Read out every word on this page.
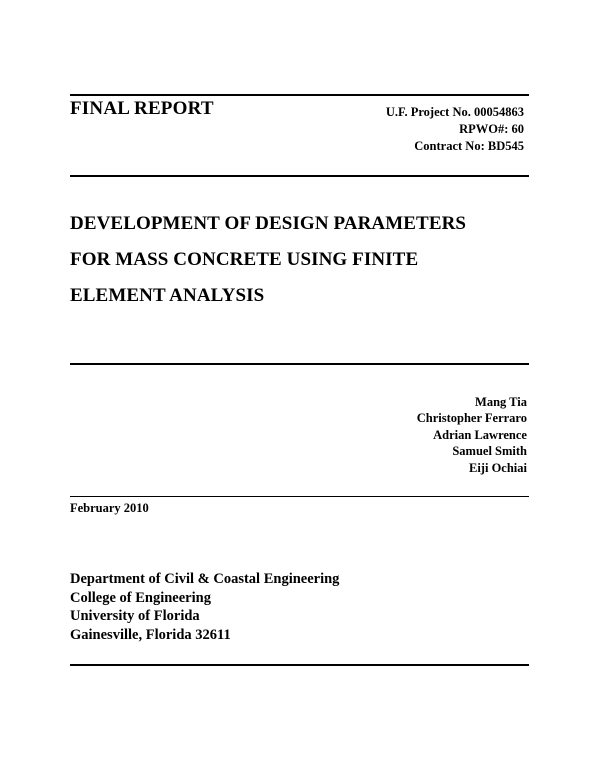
FINAL REPORT	U.F. Project No. 00054863
RPWO#: 60
Contract No: BD545
DEVELOPMENT OF DESIGN PARAMETERS
FOR MASS CONCRETE USING FINITE
ELEMENT ANALYSIS
Mang Tia
Christopher Ferraro
Adrian Lawrence
Samuel Smith
Eiji Ochiai
February 2010
Department of Civil & Coastal Engineering
College of Engineering
University of Florida
Gainesville, Florida 32611
